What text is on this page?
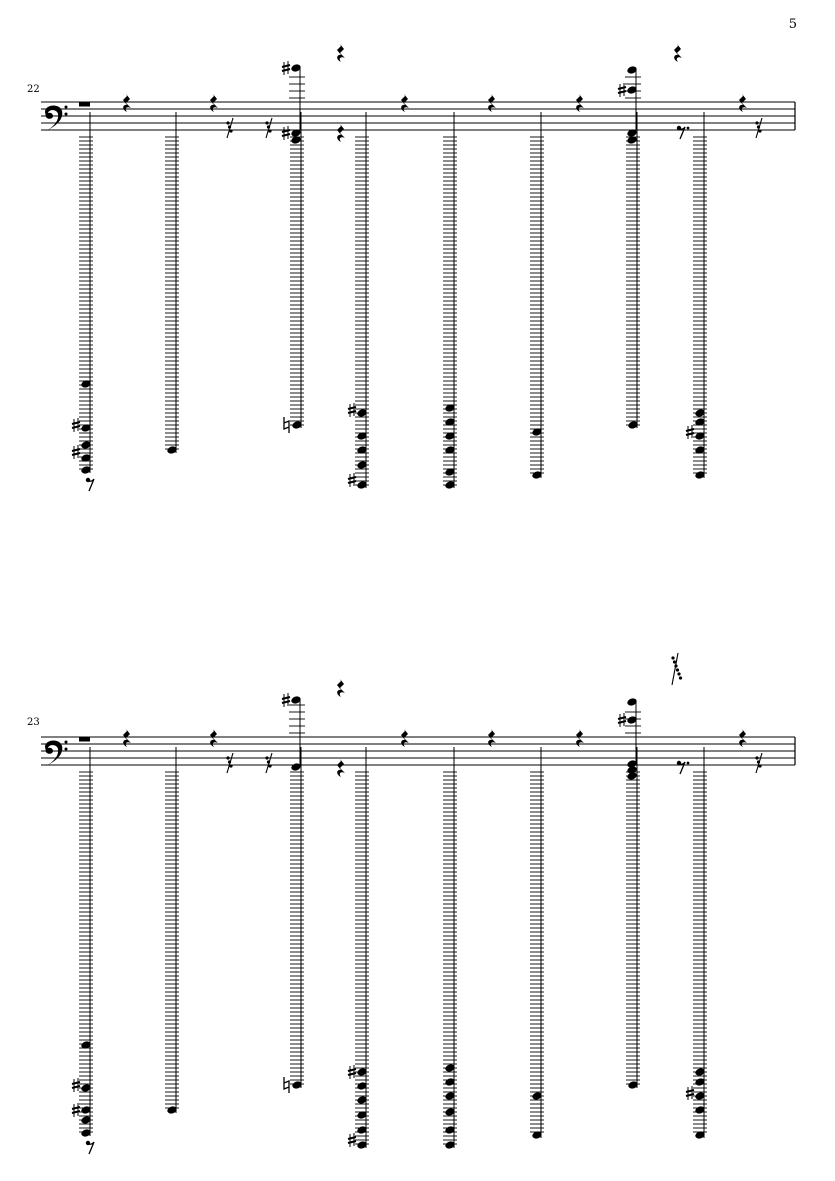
5
22
23
